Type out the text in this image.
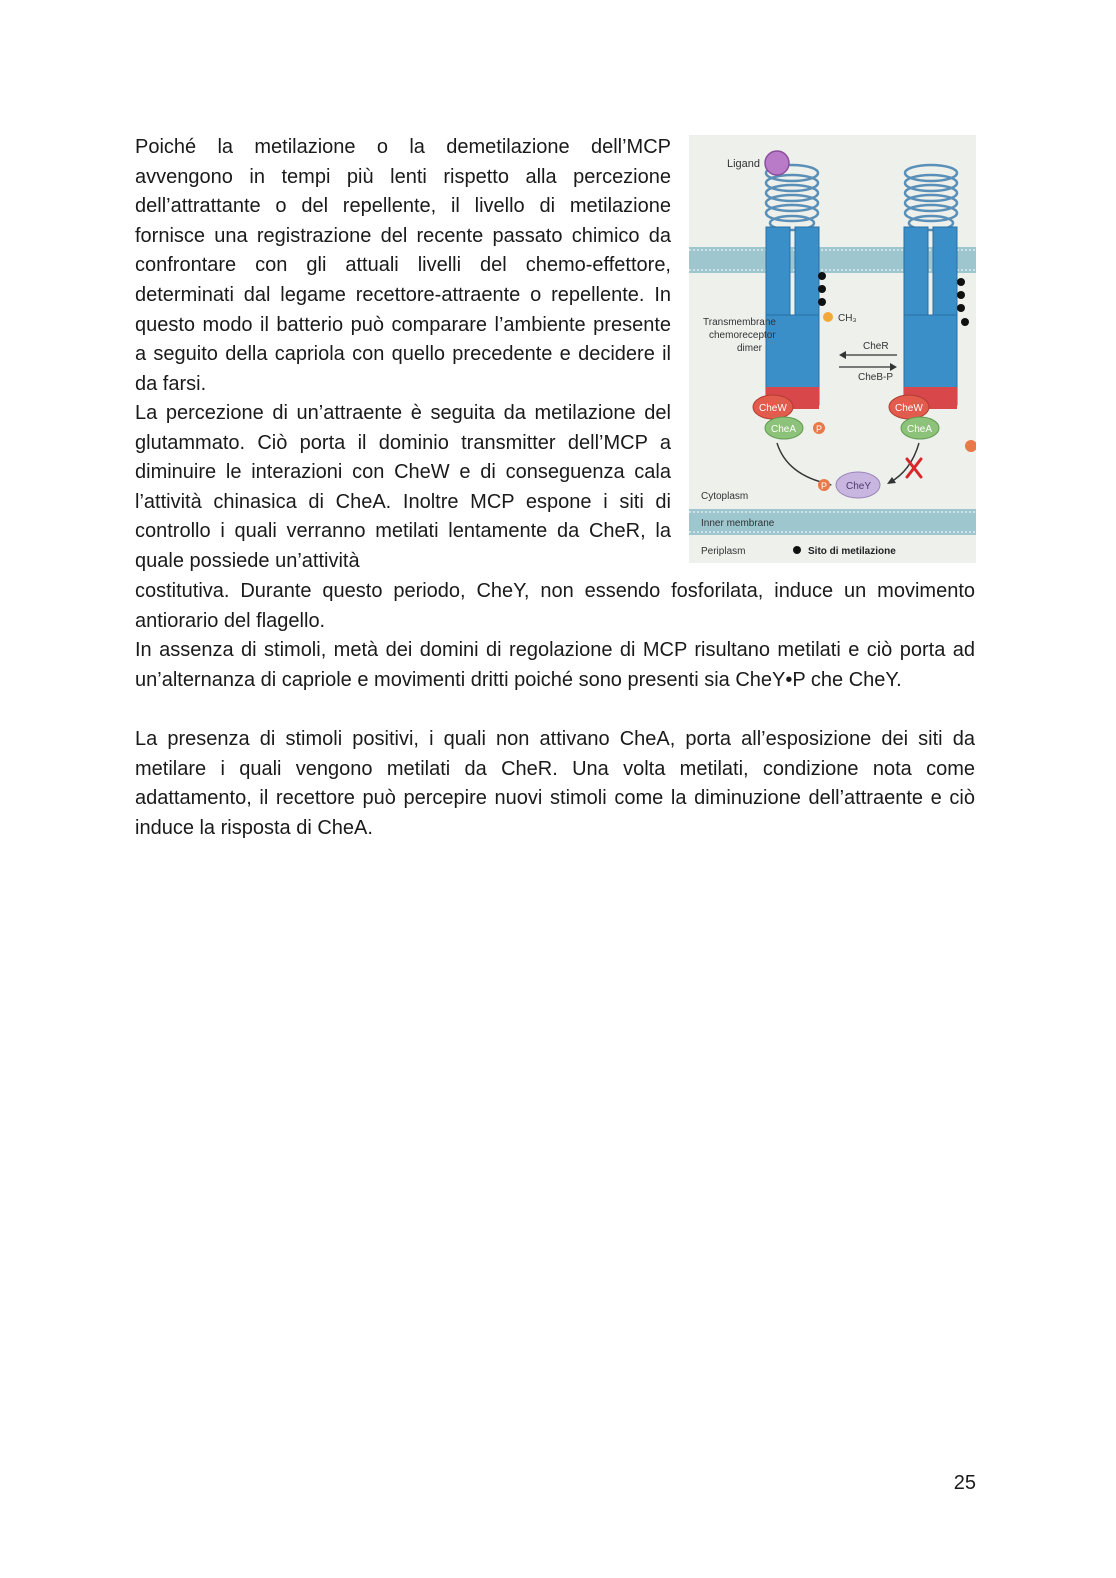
Poiché la metilazione o la demetilazione dell’MCP avvengono in tempi più lenti rispetto alla percezione dell’attrattante o del repellente, il livello di metilazione fornisce una registrazione del recente passato chimico da confrontare con gli attuali livelli del chemo-effettore, determinati dal legame recettore-attraente o repellente. In questo modo il batterio può comparare l’ambiente presente a seguito della capriola con quello precedente e decidere il da farsi.

La percezione di un’attraente è seguita da metilazione del glutammato. Ciò porta il dominio transmitter dell’MCP a diminuire le interazioni con CheW e di conseguenza cala l’attività chinasica di CheA. Inoltre MCP espone i siti di controllo i quali verranno metilati lentamente da CheR, la quale possiede un’attività

costitutiva. Durante questo periodo, CheY, non essendo fosforilata, induce un movimento antiorario del flagello.

In assenza di stimoli, metà dei domini di regolazione di MCP risultano metilati e ciò porta ad un’alternanza di capriole e movimenti dritti poiché sono presenti sia CheY•P che CheY.

La presenza di stimoli positivi, i quali non attivano CheA, porta all’esposizione dei siti da metilare i quali vengono metilati da CheR. Una volta metilati, condizione nota come adattamento, il recettore può percepire nuovi stimoli come la diminuzione dell’attraente e ciò induce la risposta di CheA.

Ligand
CH₃
Transmembrane
chemoreceptor
dimer	CheR
CheB-P
CheW
CheA P
CheW
CheA
P CheY
Cytoplasm
Inner membrane
Periplasm	Sito di metilazione
25
